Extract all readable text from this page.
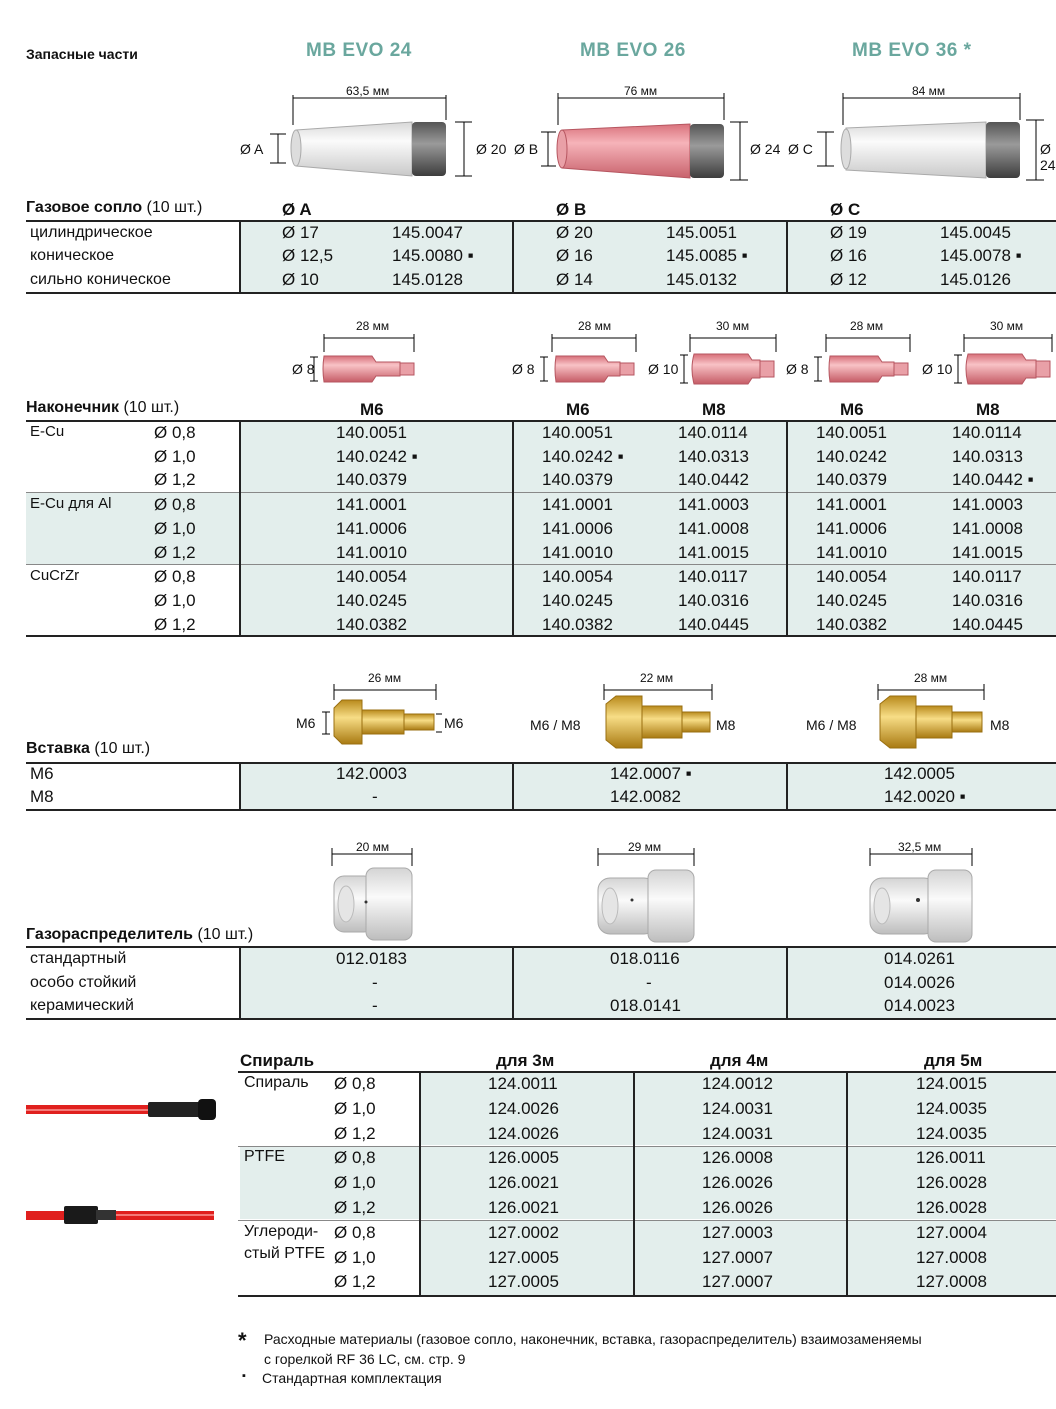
Запасные части	MB EVO 24	MB EVO 26	MB EVO 36 *
63,5 мм	76 мм	84 мм
Ø A	Ø 20 Ø B	Ø 24 Ø C	Ø 24
Газовое сопло (10 шт.)	Ø A	Ø B	Ø C
цилиндрическое	Ø 17	145.0047	Ø 20	145.0051	Ø 19	145.0045
коническое	Ø 12,5	145.0080 ▪	Ø 16	145.0085 ▪	Ø 16	145.0078 ▪
сильно коническое	Ø 10	145.0128	Ø 14	145.0132	Ø 12	145.0126
28 мм	28 мм	30 мм	28 мм	30 мм
Ø 8	Ø 8	Ø 10	Ø 8	Ø 10
Наконечник (10 шт.)	M6	M6	M8	M6	M8
E-Cu	Ø 0,8	140.0051	140.0051	140.0114	140.0051	140.0114
Ø 1,0	140.0242 ▪	140.0242 ▪	140.0313	140.0242	140.0313
Ø 1,2	140.0379	140.0379	140.0442	140.0379	140.0442 ▪
E-Cu для Al	Ø 0,8	141.0001	141.0001	141.0003	141.0001	141.0003
Ø 1,0	141.0006	141.0006	141.0008	141.0006	141.0008
Ø 1,2	141.0010	141.0010	141.0015	141.0010	141.0015
CuCrZr	Ø 0,8	140.0054	140.0054	140.0117	140.0054	140.0117
Ø 1,0	140.0245	140.0245	140.0316	140.0245	140.0316
Ø 1,2	140.0382	140.0382	140.0445	140.0382	140.0445
26 мм	22 мм	28 мм
M6	M6	M6 / M8	M8	M6 / M8	M8
Вставка (10 шт.)
M6	142.0003	142.0007 ▪	142.0005
M8	-	142.0082	142.0020 ▪
20 мм	29 мм	32,5 мм
Газораспределитель (10 шт.)
стандартный	012.0183	018.0116	014.0261
особо стойкий	-	-	014.0026
керамический	-	018.0141	014.0023
Спираль	для 3м	для 4м	для 5м
Спираль Ø 0,8	124.0011	124.0012	124.0015
Ø 1,0	124.0026	124.0031	124.0035
Ø 1,2	124.0026	124.0031	124.0035
PTFE	Ø 0,8	126.0005	126.0008	126.0011
Ø 1,0	126.0021	126.0026	126.0028
Ø 1,2	126.0021	126.0026	126.0028
Углероди-
стый PTFE
Ø 0,8	127.0002	127.0003	127.0004
Ø 1,0	127.0005	127.0007	127.0008
Ø 1,2	127.0005	127.0007	127.0008
* Расходные материалы (газовое сопло, наконечник, вставка, газораспределитель) взаимозаменяемы
с горелкой RF 36 LC, см. стр. 9
▪ Стандартная комплектация
